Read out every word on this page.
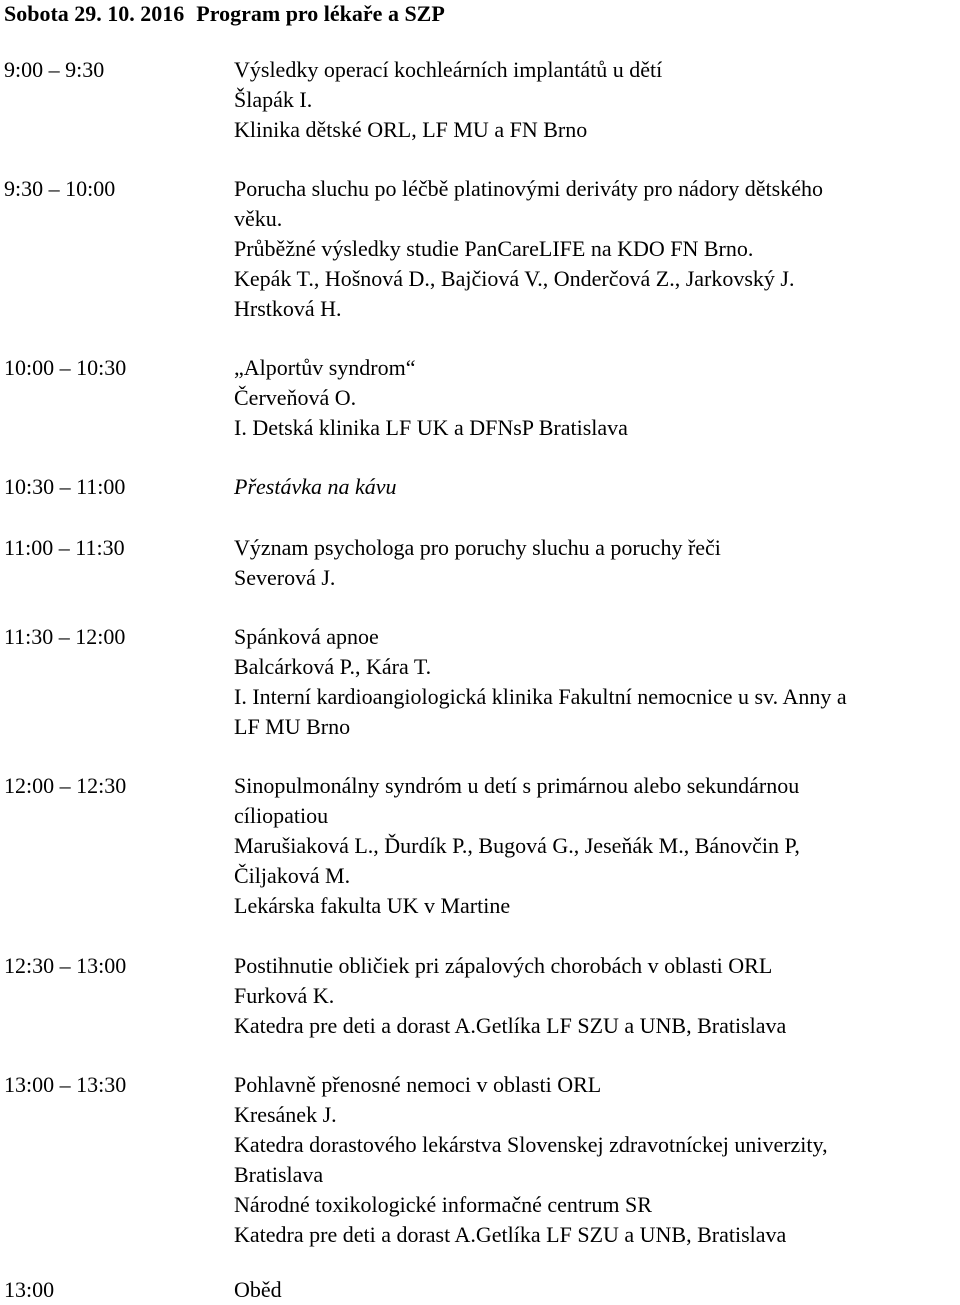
Sobota 29. 10. 2016 Program pro lékaře a SZP
9:00 – 9:30	Výsledky operací kochleárních implantátů u dětí
Šlapák I.
Klinika dětské ORL, LF MU a FN Brno
9:30 – 10:00	Porucha sluchu po léčbě platinovými deriváty pro nádory dětského
věku.
Průběžné výsledky studie PanCareLIFE na KDO FN Brno.
Kepák T., Hošnová D., Bajčiová V., Onderčová Z., Jarkovský J.
Hrstková H.
10:00 – 10:30	„Alportův syndrom“
Červeňová O.
I. Detská klinika LF UK a DFNsP Bratislava
10:30 – 11:00	Přestávka na kávu
11:00 – 11:30	Význam psychologa pro poruchy sluchu a poruchy řeči
Severová J.
11:30 – 12:00	Spánková apnoe
Balcárková P., Kára T.
I. Interní kardioangiologická klinika Fakultní nemocnice u sv. Anny a
LF MU Brno
12:00 – 12:30	Sinopulmonálny syndróm u detí s primárnou alebo sekundárnou
cíliopatiou
Marušiaková L., Ďurdík P., Bugová G., Jeseňák M., Bánovčin P,
Čiljaková M.
Lekárska fakulta UK v Martine
12:30 – 13:00	Postihnutie obličiek pri zápalových chorobách v oblasti ORL
Furková K.
Katedra pre deti a dorast A.Getlíka LF SZU a UNB, Bratislava
13:00 – 13:30	Pohlavně přenosné nemoci v oblasti ORL
Kresánek J.
Katedra dorastového lekárstva Slovenskej zdravotníckej univerzity,
Bratislava
Národné toxikologické informačné centrum SR
Katedra pre deti a dorast A.Getlíka LF SZU a UNB, Bratislava
13:00	Oběd
